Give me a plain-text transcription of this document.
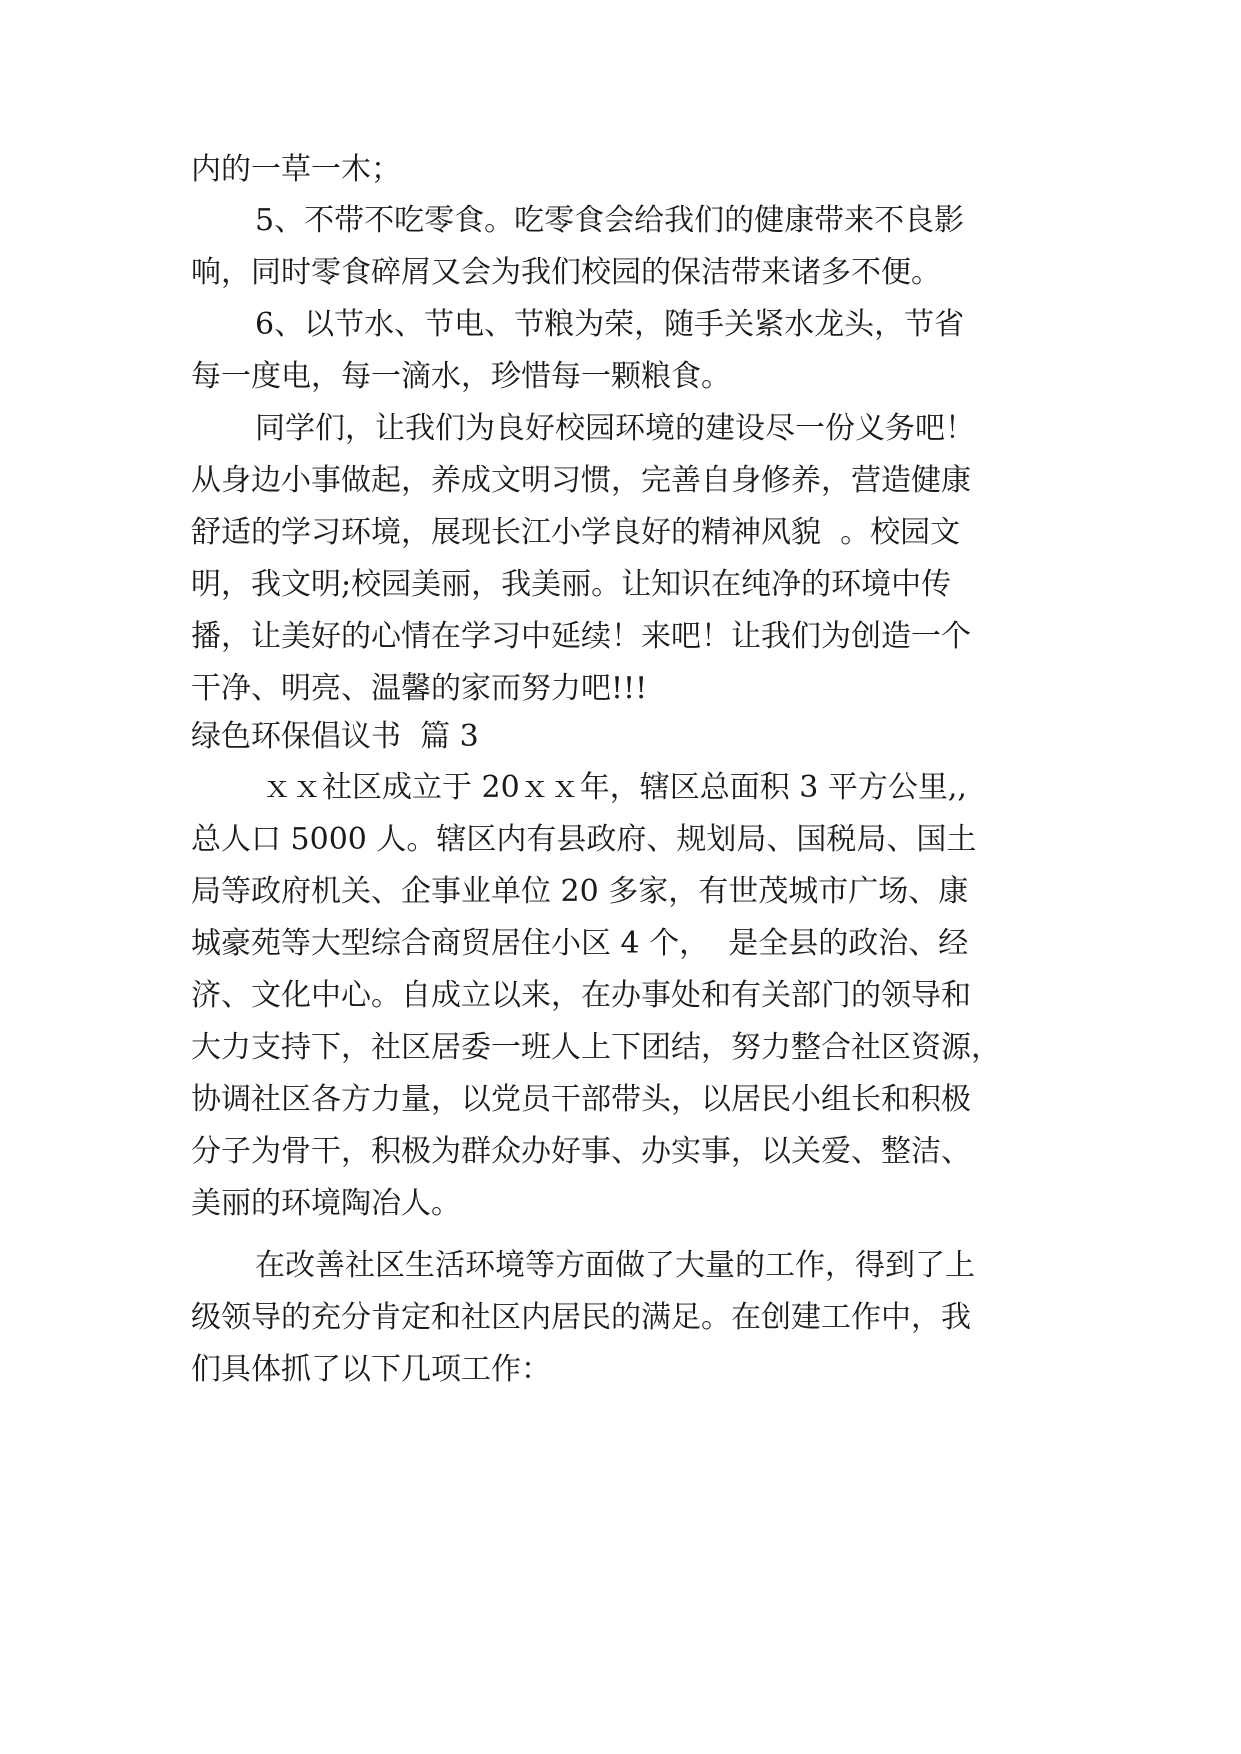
内的一草一木；
5、不带不吃零食。吃零食会给我们的健康带来不良影
响，同时零食碎屑又会为我们校园的保洁带来诸多不便。
6、以节水、节电、节粮为荣，随手关紧水龙头，节省
每一度电，每一滴水，珍惜每一颗粮食。
同学们，让我们为良好校园环境的建设尽一份义务吧！
从身边小事做起，养成文明习惯，完善自身修养，营造健康
舒适的学习环境，展现长江小学良好的精神风貌  。校园文
明，我文明;校园美丽，我美丽。让知识在纯净的环境中传
播，让美好的心情在学习中延续！来吧！让我们为创造一个
干净、明亮、温馨的家而努力吧!!!
绿色环保倡议书  篇 3
ｘｘ社区成立于 20ｘｘ年，辖区总面积 3 平方公里,,
总人口 5000 人。辖区内有县政府、规划局、国税局、国土
局等政府机关、企事业单位 20 多家，有世茂城市广场、康
城豪苑等大型综合商贸居住小区 4 个，  是全县的政治、经
济、文化中心。自成立以来，在办事处和有关部门的领导和
大力支持下，社区居委一班人上下团结，努力整合社区资源，
协调社区各方力量，以党员干部带头，以居民小组长和积极
分子为骨干，积极为群众办好事、办实事，以关爱、整洁、
美丽的环境陶冶人。
在改善社区生活环境等方面做了大量的工作，得到了上
级领导的充分肯定和社区内居民的满足。在创建工作中，我
们具体抓了以下几项工作：
